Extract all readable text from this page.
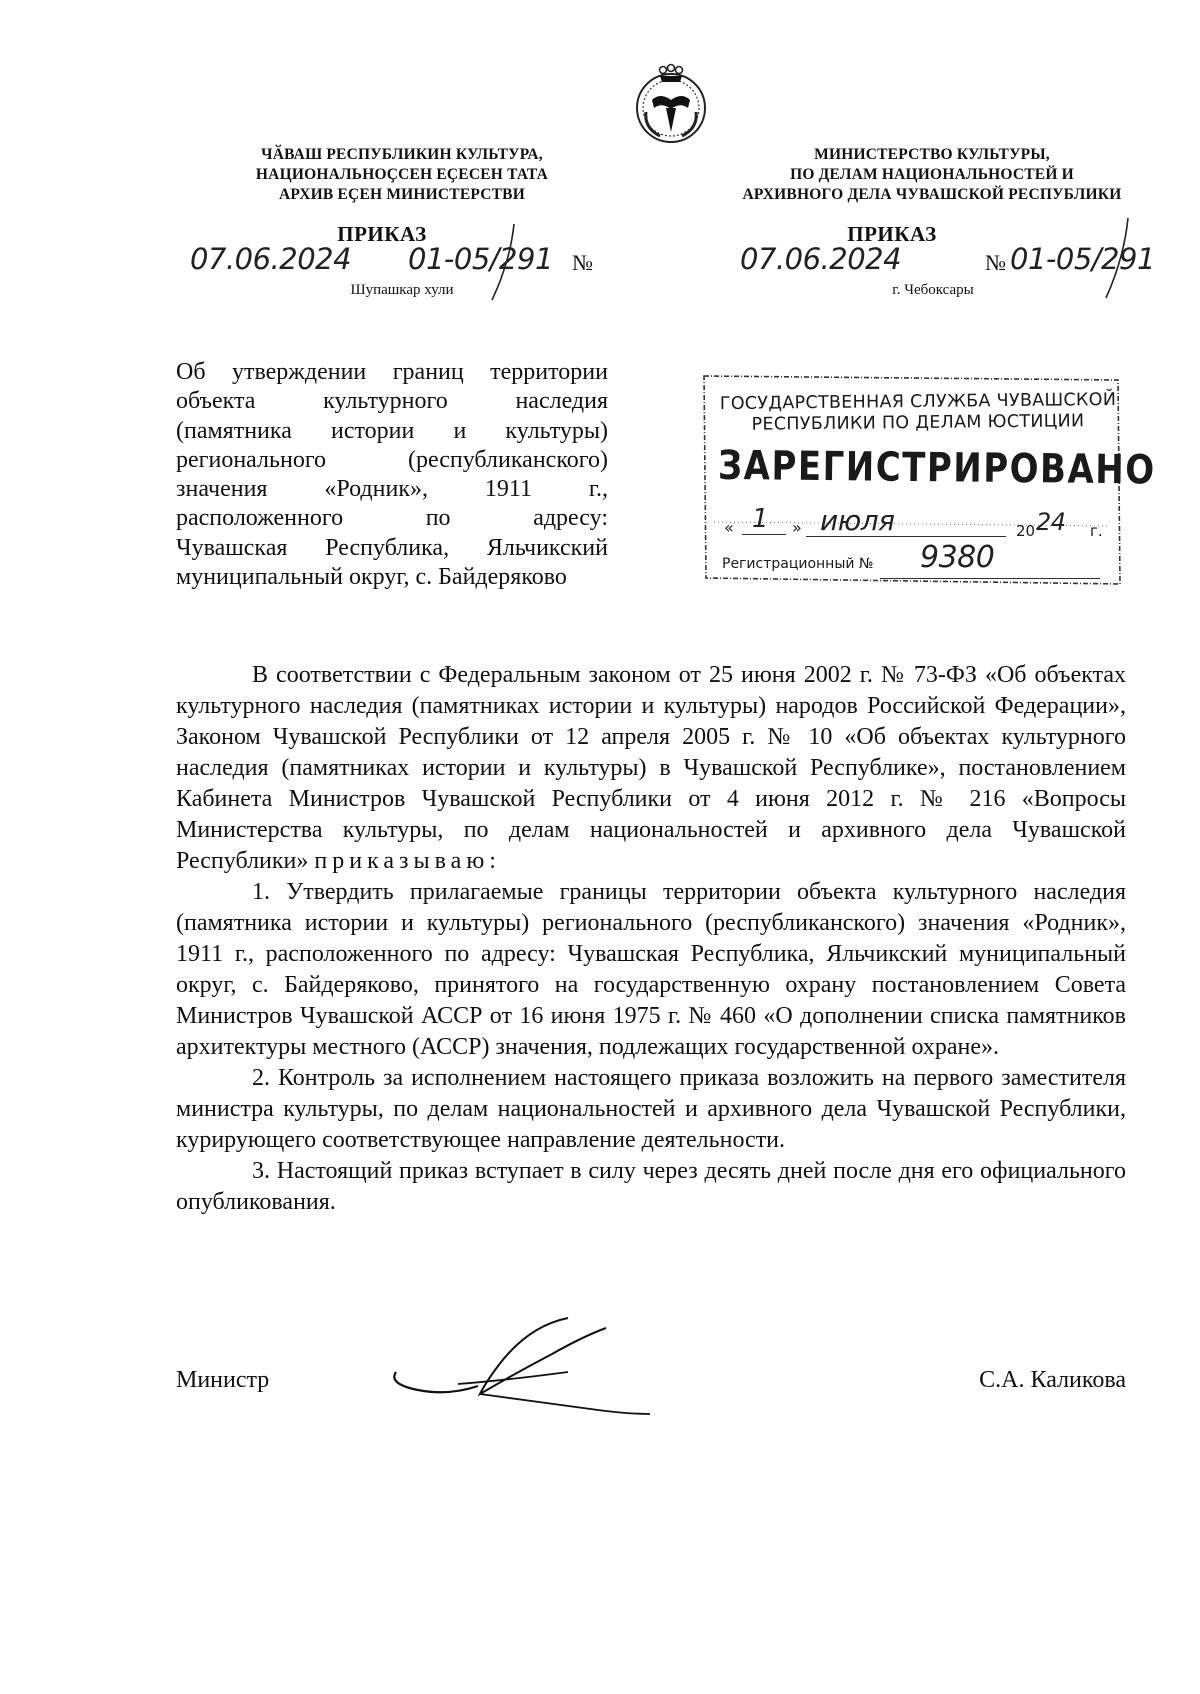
ЧӐВАШ РЕСПУБЛИКИН КУЛЬТУРА,
НАЦИОНАЛЬНОҪСЕН ЕҪЕСЕН ТАТА
АРХИВ ЕҪЕН МИНИСТЕРСТВИ
МИНИСТЕРСТВО КУЛЬТУРЫ,
ПО ДЕЛАМ НАЦИОНАЛЬНОСТЕЙ И
АРХИВНОГО ДЕЛА ЧУВАШСКОЙ РЕСПУБЛИКИ
ПРИКАЗ	ПРИКАЗ
07.06.2024 01-05/291 №
Шупашкар хули
07.06.2024	№ 01-05/291
г. Чебоксары
Об утверждении границ территории
объекта культурного наследия
(памятника истории и культуры)
регионального (республиканского)
значения «Родник», 1911 г.,
расположенного по адресу:
Чувашская Республика, Яльчикский
муниципальный округ, с. Байдеряково
ГОСУДАРСТВЕННАЯ СЛУЖБА ЧУВАШСКОЙ
РЕСПУБЛИКИ ПО ДЕЛАМ ЮСТИЦИИ
ЗАРЕГИСТРИРОВАНО
« 1 » июля	20 24 г.
Регистрационный № 9380

В соответствии с Федеральным законом от 25 июня 2002 г. № 73-ФЗ «Об объектах культурного наследия (памятниках истории и культуры) народов Российской Федерации», Законом Чувашской Республики от 12 апреля 2005 г. № 10 «Об объектах культурного наследия (памятниках истории и культуры) в Чувашской Республике», постановлением Кабинета Министров Чувашской Республики от 4 июня 2012 г. № 216 «Вопросы Министерства культуры, по делам национальностей и архивного дела Чувашской Республики» приказываю:

1. Утвердить прилагаемые границы территории объекта культурного наследия (памятника истории и культуры) регионального (республиканского) значения «Родник», 1911 г., расположенного по адресу: Чувашская Республика, Яльчикский муниципальный округ, с. Байдеряково, принятого на государственную охрану постановлением Совета Министров Чувашской АССР от 16 июня 1975 г. № 460 «О дополнении списка памятников архитектуры местного (АССР) значения, подлежащих государственной охране».

2. Контроль за исполнением настоящего приказа возложить на первого заместителя министра культуры, по делам национальностей и архивного дела Чувашской Республики, курирующего соответствующее направление деятельности.

3. Настоящий приказ вступает в силу через десять дней после дня его официального опубликования.

Министр	С.А. Каликова
